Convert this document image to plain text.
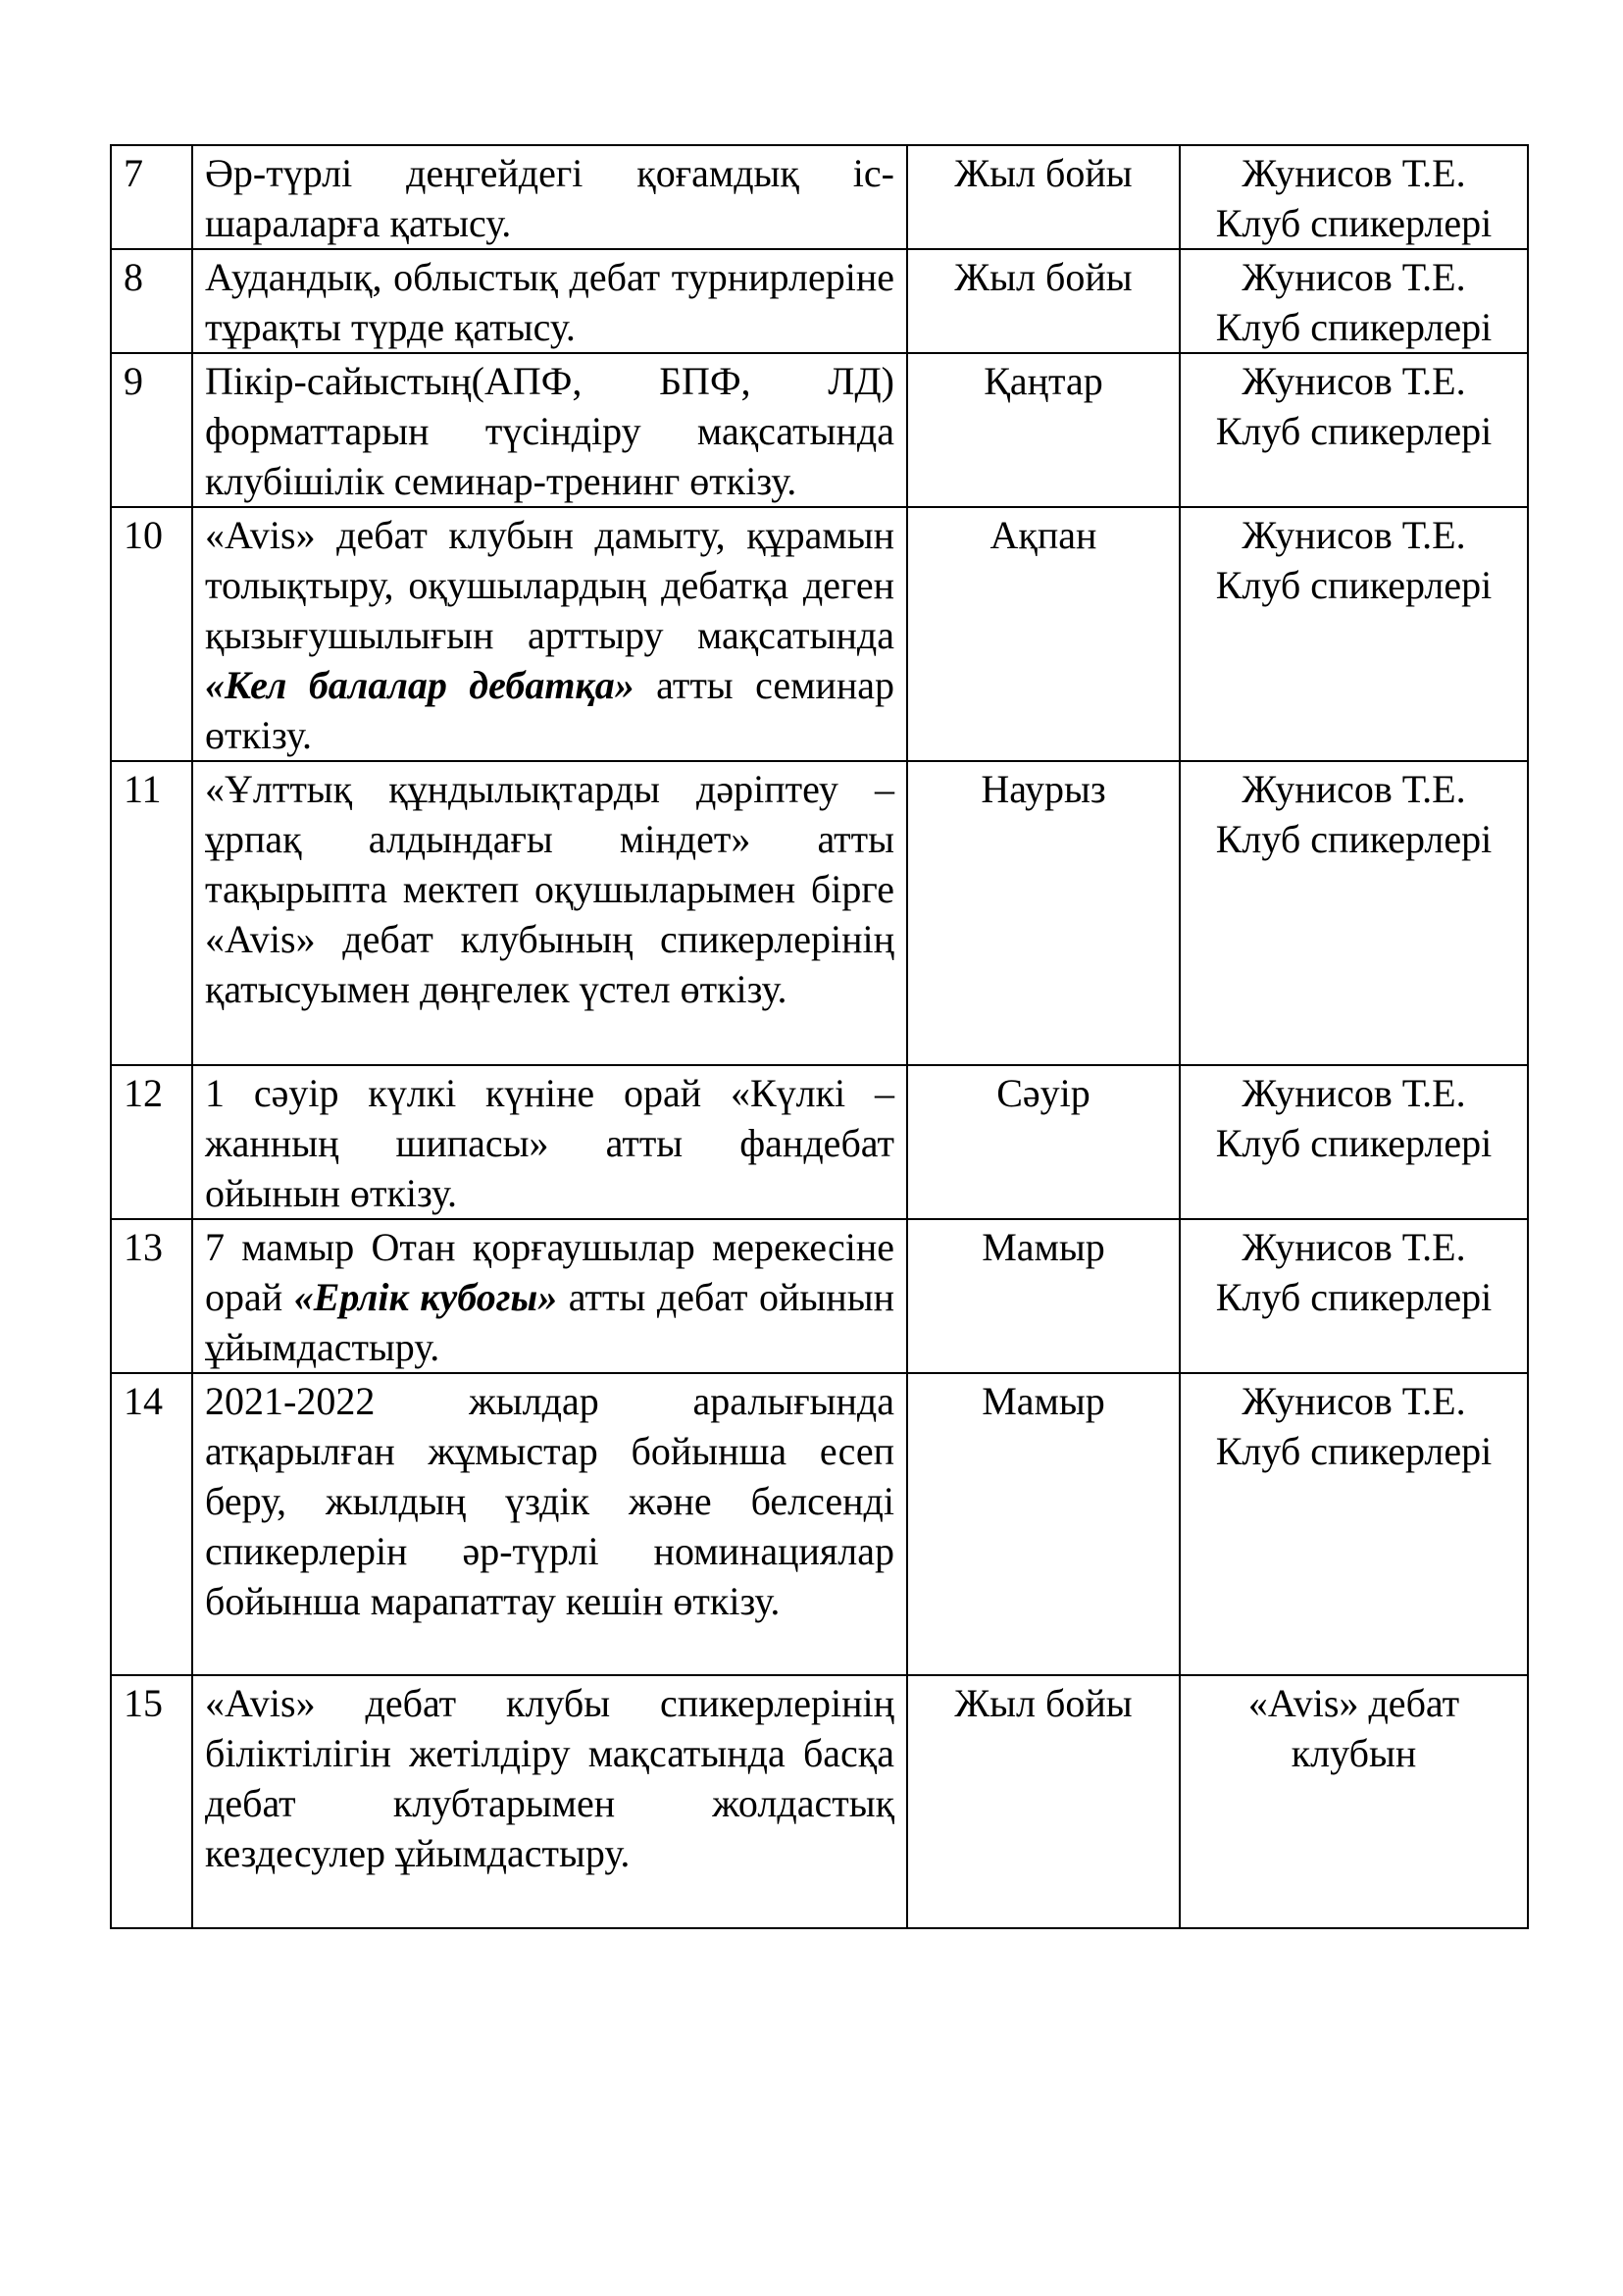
7	Әр-түрлі деңгейдегі қоғамдық іс-шараларға қатысу.	Жыл бойы	Жунисов Т.Е.
Клуб спикерлері

8	Аудандық, облыстық дебат турнирлеріне тұрақты түрде қатысу.	Жыл бойы	Жунисов Т.Е.
Клуб спикерлері

9	Пікір-сайыстың(АПФ, БПФ, ЛД) форматтарын түсіндіру мақсатында клубішілік семинар-тренинг өткізу.	Қаңтар	Жунисов Т.Е.
Клуб спикерлері

10	«Avis» дебат клубын дамыту, құрамын толықтыру, оқушылардың дебатқа деген қызығушылығын арттыру мақсатында «Кел балалар дебатқа» атты семинар өткізу.	Ақпан	Жунисов Т.Е.
Клуб спикерлері

11	«Ұлттық құндылықтарды дәріптеу – ұрпақ алдындағы міндет» атты тақырыпта мектеп оқушыларымен бірге «Avis» дебат клубының спикерлерінің қатысуымен дөңгелек үстел өткізу.	Наурыз	Жунисов Т.Е.
Клуб спикерлері

12	1 сәуір күлкі күніне орай «Күлкі – жанның шипасы» атты фандебат ойынын өткізу.	Сәуір	Жунисов Т.Е.
Клуб спикерлері

13	7 мамыр Отан қорғаушылар мерекесіне орай «Ерлік кубогы» атты дебат ойынын ұйымдастыру.	Мамыр	Жунисов Т.Е.
Клуб спикерлері

14	2021-2022 жылдар аралығында атқарылған жұмыстар бойынша есеп беру, жылдың үздік және белсенді спикерлерін әр-түрлі номинациялар бойынша марапаттау кешін өткізу.	Мамыр	Жунисов Т.Е.
Клуб спикерлері

15	«Avis» дебат клубы спикерлерінің біліктілігін жетілдіру мақсатында басқа дебат клубтарымен жолдастық кездесулер ұйымдастыру.	Жыл бойы	«Avis» дебат
клубын
